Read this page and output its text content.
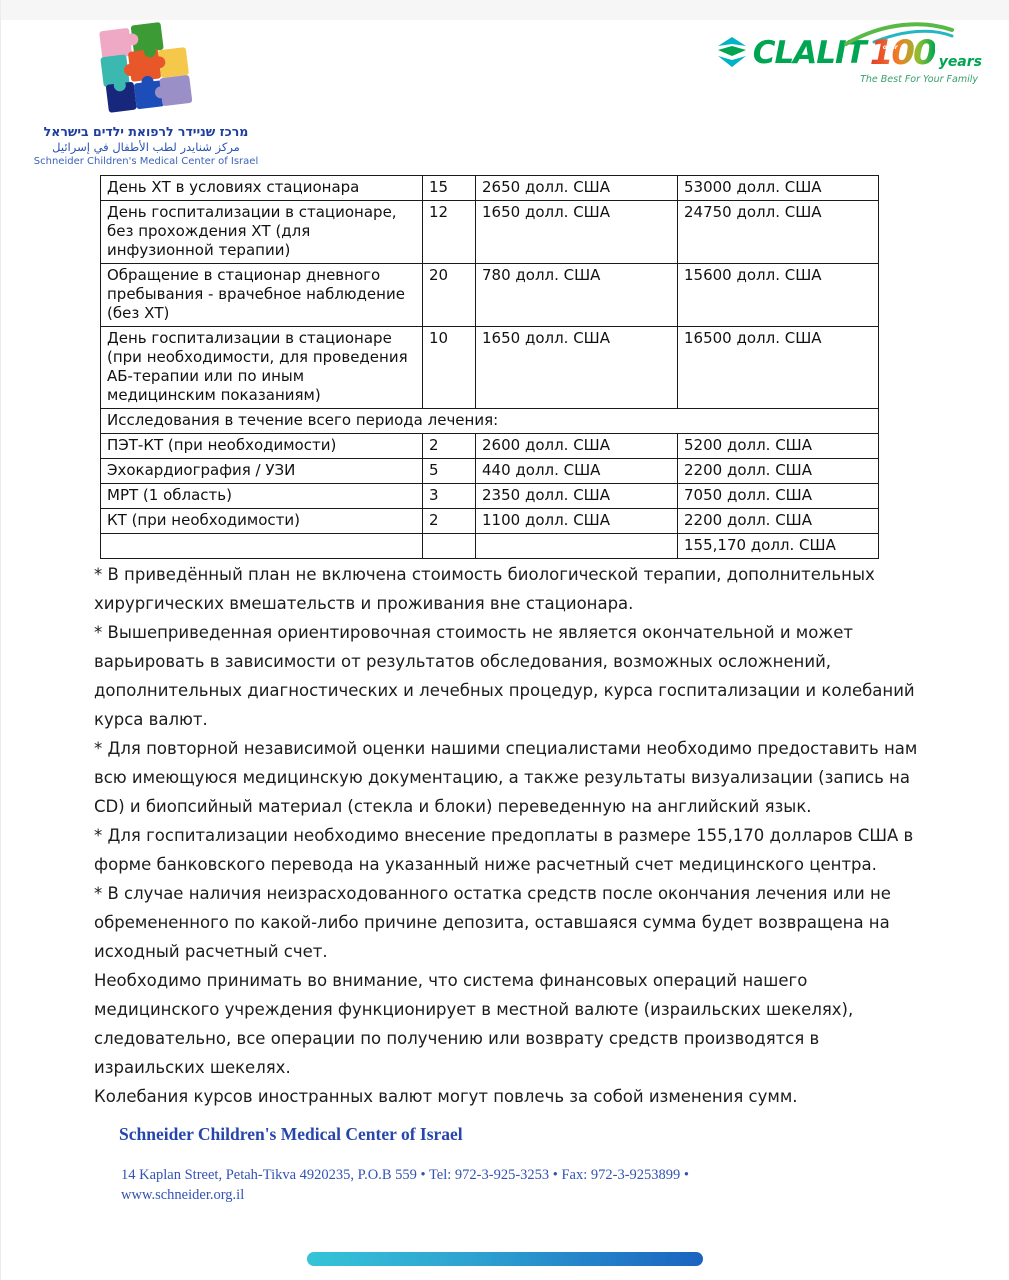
מרכז שניידר לרפואת ילדים בישראל
مركز شنايدر لطب الأطفال في إسرائيل
Schneider Children's Medical Center of Israel
CLALIT 100
over
years
The Best For Your Family
День ХТ в условиях стационара	15	2650 долл. США	53000 долл. США
День госпитализации в стационаре, без прохождения ХТ (для инфузионной терапии)	12	1650 долл. США	24750 долл. США
Обращение в стационар дневного пребывания - врачебное наблюдение (без ХТ)	20	780 долл. США	15600 долл. США
День госпитализации в стационаре (при необходимости, для проведения АБ-терапии или по иным медицинским показаниям)	10	1650 долл. США	16500 долл. США
Исследования в течение всего периода лечения:			
ПЭТ-КТ (при необходимости)	2	2600 долл. США	5200 долл. США
Эхокардиография / УЗИ	5	440 долл. США	2200 долл. США
МРТ (1 область)	3	2350 долл. США	7050 долл. США
КТ (при необходимости)	2	1100 долл. США	2200 долл. США
			155,170 долл. США

* В приведённый план не включена стоимость биологической терапии, дополнительных хирургических вмешательств и проживания вне стационара.

* Вышеприведенная ориентировочная стоимость не является окончательной и может варьировать в зависимости от результатов обследования, возможных осложнений, дополнительных диагностических и лечебных процедур, курса госпитализации и колебаний курса валют.

* Для повторной независимой оценки нашими специалистами необходимо предоставить нам всю имеющуюся медицинскую документацию, а также результаты визуализации (запись на CD) и биопсийный материал (стекла и блоки) переведенную на английский язык.

* Для госпитализации необходимо внесение предоплаты в размере 155,170 долларов США в форме банковского перевода на указанный ниже расчетный счет медицинского центра.

* В случае наличия неизрасходованного остатка средств после окончания лечения или не обремененного по какой-либо причине депозита, оставшаяся сумма будет возвращена на исходный расчетный счет.

Необходимо принимать во внимание, что система финансовых операций нашего медицинского учреждения функционирует в местной валюте (израильских шекелях), следовательно, все операции по получению или возврату средств производятся в израильских шекелях.

Колебания курсов иностранных валют могут повлечь за собой изменения сумм.

Schneider Children's Medical Center of Israel
14 Kaplan Street, Petah-Tikva 4920235, P.O.B 559 • Tel: 972-3-925-3253 • Fax: 972-3-9253899 •
www.schneider.org.il
